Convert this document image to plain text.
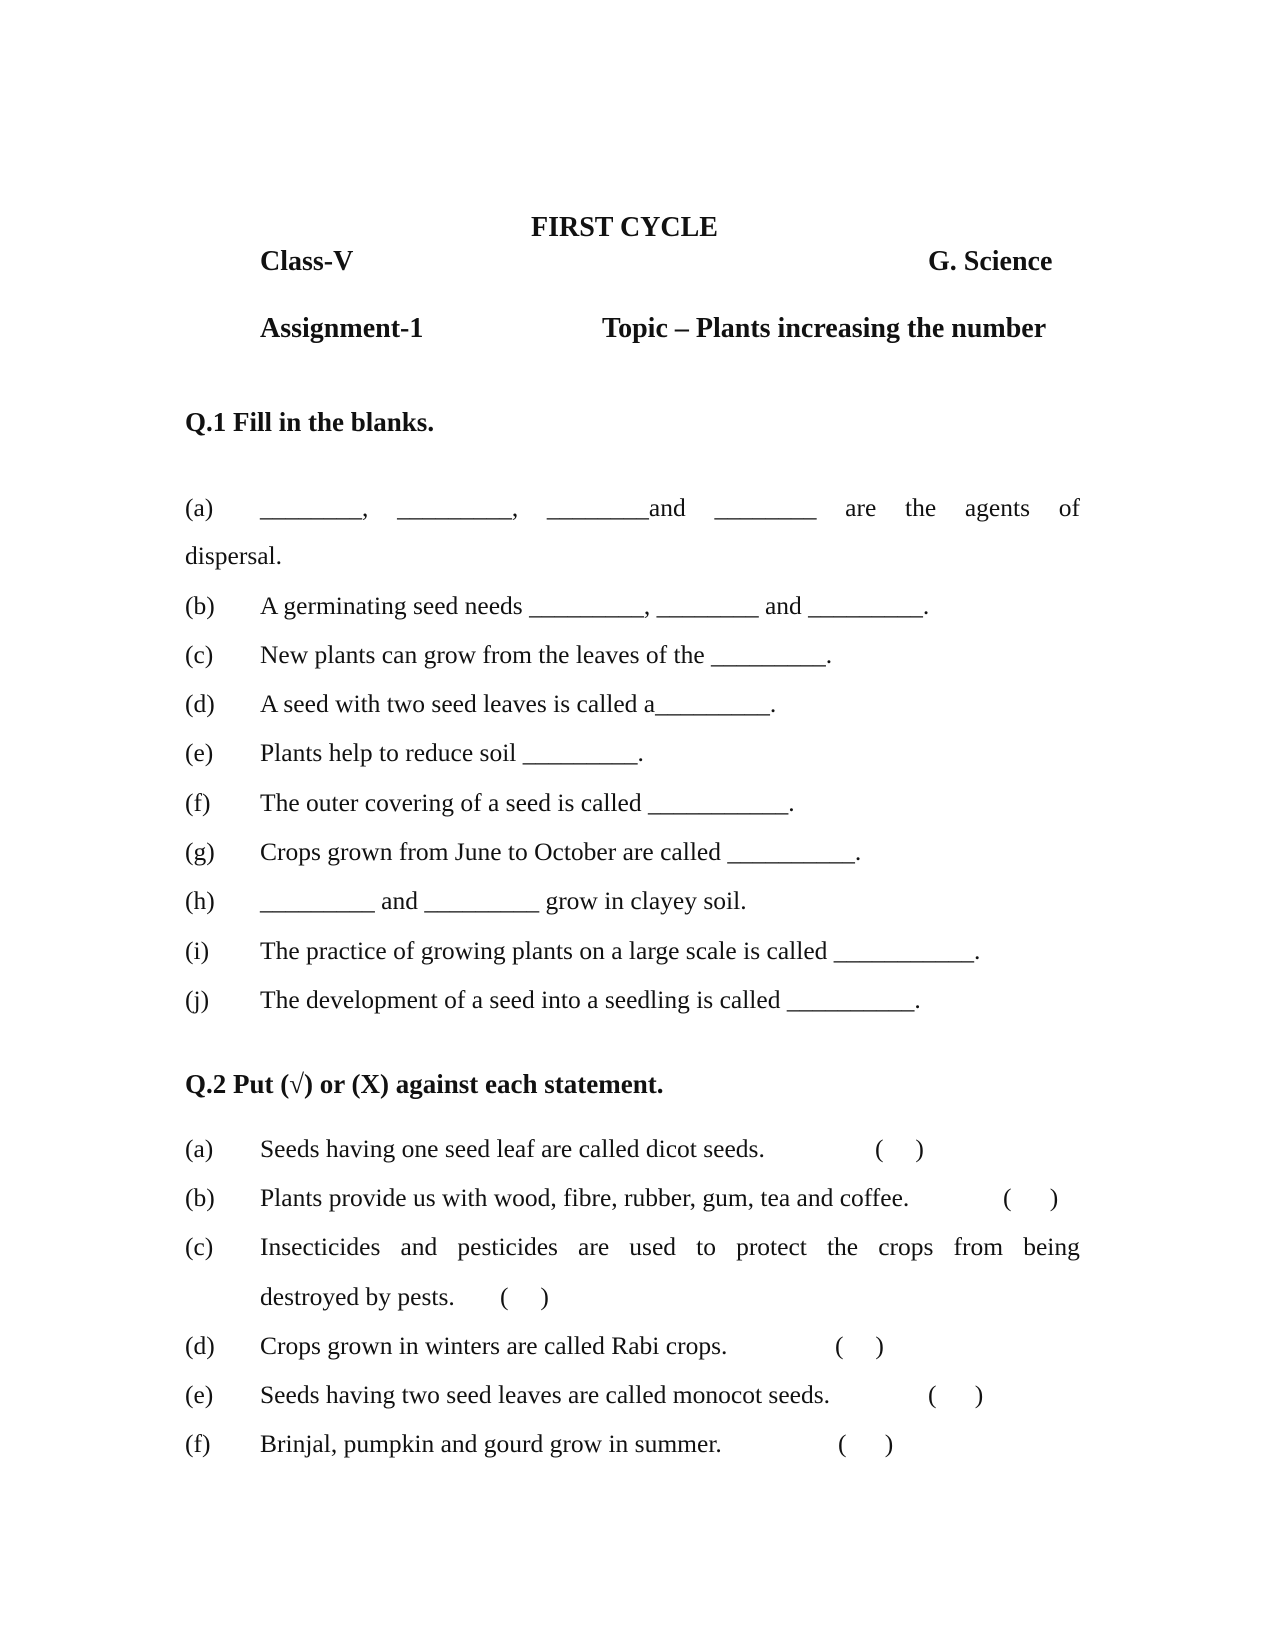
FIRST CYCLE
Class-V	G. Science
Assignment-1	Topic – Plants increasing the number
Q.1 Fill in the blanks.
(a) ________, _________, ________and ________ are the agents of
dispersal.
(b) A germinating seed needs _________, ________ and _________.
(c) New plants can grow from the leaves of the _________.
(d) A seed with two seed leaves is called a_________.
(e) Plants help to reduce soil _________.
(f) The outer covering of a seed is called ___________.
(g) Crops grown from June to October are called __________.
(h) _________ and _________ grow in clayey soil.
(i) The practice of growing plants on a large scale is called ___________.
(j) The development of a seed into a seedling is called __________.
Q.2 Put (√) or (X) against each statement.
(a) Seeds having one seed leaf are called dicot seeds.	(     )
(b) Plants provide us with wood, fibre, rubber, gum, tea and coffee.	(      )
(c) Insecticides and pesticides are used to protect the crops from being
destroyed by pests. (     )
(d) Crops grown in winters are called Rabi crops.	(     )
(e) Seeds having two seed leaves are called monocot seeds.	(      )
(f) Brinjal, pumpkin and gourd grow in summer.	(      )
